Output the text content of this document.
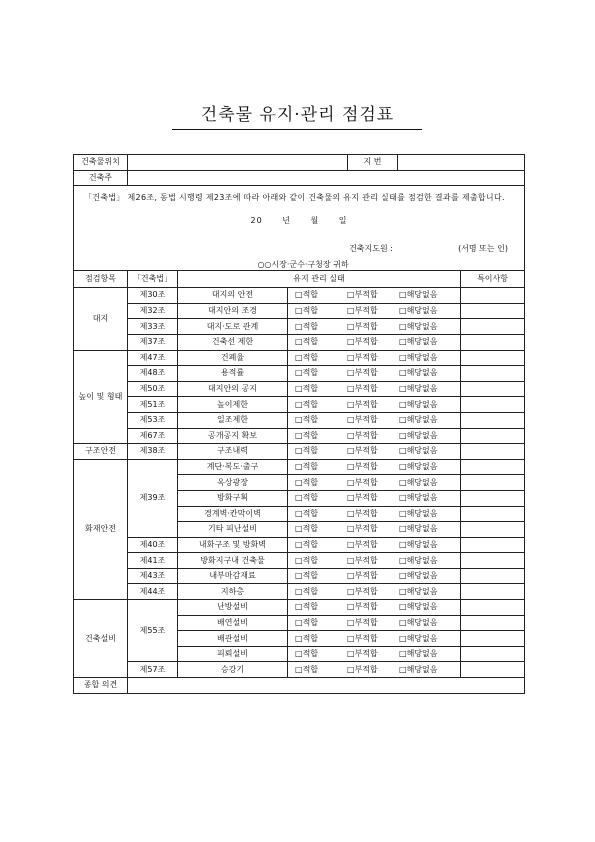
건축물 유지·관리 점검표
건축물위치				지 번		
건축주						

「건축법」 제26조, 동법 시행령 제23조에 따라 아래와 같이 건축물의 유지 관리 실태를 점검한 결과를 제출합니다.
20 년 월 일
건축지도원 : (서명 또는 인)
○○시장·군수·구청장 귀하						

점검항목	「건축법」	유지 관리 실태				특이사항
대지	제30조	대지의 안전	□적합 □부적합 □해당없음			
	제32조	대지안의 조경	□적합 □부적합 □해당없음			
	제33조	대지·도로 관계	□적합 □부적합 □해당없음			
	제37조	건축선 제한	□적합 □부적합 □해당없음			
높이 및 형태	제47조	건폐율	□적합 □부적합 □해당없음			
	제48조	용적률	□적합 □부적합 □해당없음			
	제50조	대지안의 공지	□적합 □부적합 □해당없음			
	제51조	높이제한	□적합 □부적합 □해당없음			
	제53조	일조제한	□적합 □부적합 □해당없음			
	제67조	공개공지 확보	□적합 □부적합 □해당없음			
구조안전	제38조	구조내력	□적합 □부적합 □해당없음			
화재안전	제39조	계단·복도·출구	□적합 □부적합 □해당없음			
		옥상광장	□적합 □부적합 □해당없음			
		방화구획	□적합 □부적합 □해당없음			
		경계벽·칸막이벽	□적합 □부적합 □해당없음			
		기타 피난설비	□적합 □부적합 □해당없음			
	제40조	내화구조 및 방화벽	□적합 □부적합 □해당없음			
	제41조	방화지구내 건축물	□적합 □부적합 □해당없음			
	제43조	내부마감재료	□적합 □부적합 □해당없음			
	제44조	지하층	□적합 □부적합 □해당없음			
건축설비	제55조	난방설비	□적합 □부적합 □해당없음			
		배연설비	□적합 □부적합 □해당없음			
		배관설비	□적합 □부적합 □해당없음			
		피뢰설비	□적합 □부적합 □해당없음			
	제57조	승강기	□적합 □부적합 □해당없음			
종합 의견						
